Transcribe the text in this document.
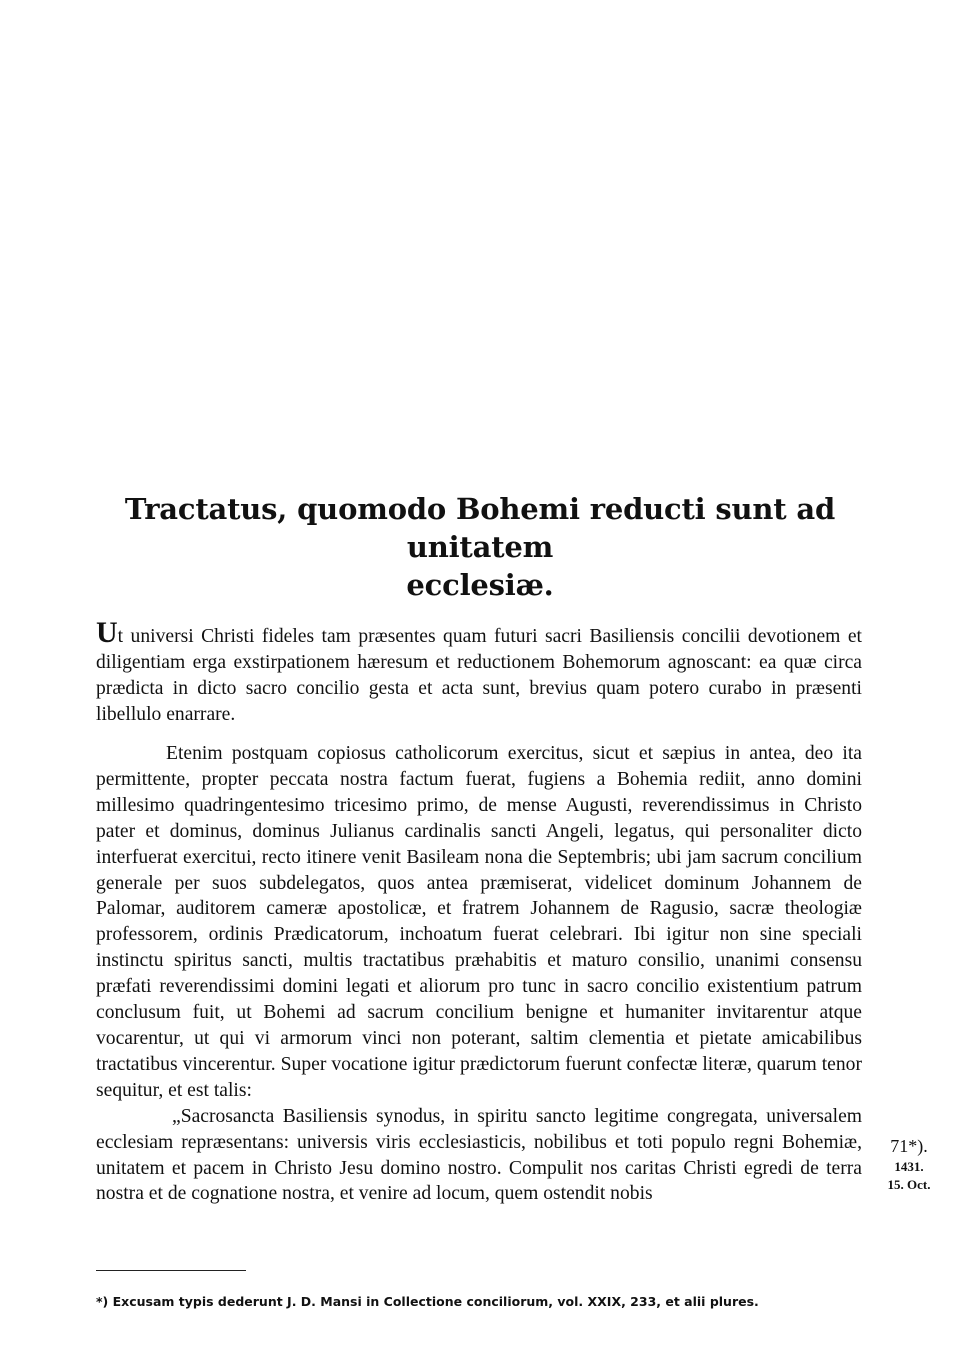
Tractatus, quomodo Bohemi reducti sunt ad unitatem
ecclesiæ.

Ut universi Christi fideles tam præsentes quam futuri sacri Basiliensis concilii devotionem et diligentiam erga exstirpationem hæresum et reductionem Bohemorum agnoscant: ea quæ circa prædicta in dicto sacro concilio gesta et acta sunt, brevius quam potero curabo in præsenti libellulo enarrare.

Etenim postquam copiosus catholicorum exercitus, sicut et sæpius in antea, deo ita permittente, propter peccata nostra factum fuerat, fugiens a Bohemia rediit, anno domini millesimo quadringentesimo tricesimo primo, de mense Augusti, reverendissimus in Christo pater et dominus, dominus Julianus cardinalis sancti Angeli, legatus, qui personaliter dicto interfuerat exercitui, recto itinere venit Basileam nona die Septembris; ubi jam sacrum concilium generale per suos subdelegatos, quos antea præmiserat, videlicet dominum Johannem de Palomar, auditorem cameræ apostolicæ, et fratrem Johannem de Ragusio, sacræ theologiæ professorem, ordinis Prædicatorum, inchoatum fuerat celebrari. Ibi igitur non sine speciali instinctu spiritus sancti, multis tractatibus præhabitis et maturo consilio, unanimi consensu præfati reverendissimi domini legati et aliorum pro tunc in sacro concilio existentium patrum conclusum fuit, ut Bohemi ad sacrum concilium benigne et humaniter invitarentur atque vocarentur, ut qui vi armorum vinci non poterant, saltim clementia et pietate amicabilibus tractatibus vincerentur. Super vocatione igitur prædictorum fuerunt confectæ literæ, quarum tenor sequitur, et est talis:

„Sacrosancta Basiliensis synodus, in spiritu sancto legitime congregata, universalem ecclesiam repræsentans: universis viris ecclesiasticis, nobilibus et toti populo regni Bohemiæ, unitatem et pacem in Christo Jesu domino nostro. Compulit nos caritas Christi egredi de terra nostra et de cognatione nostra, et venire ad locum, quem ostendit nobis

71*).
1431.
15. Oct.
*) Excusam typis dederunt J. D. Mansi in Collectione conciliorum, vol. XXIX, 233, et alii plures.
